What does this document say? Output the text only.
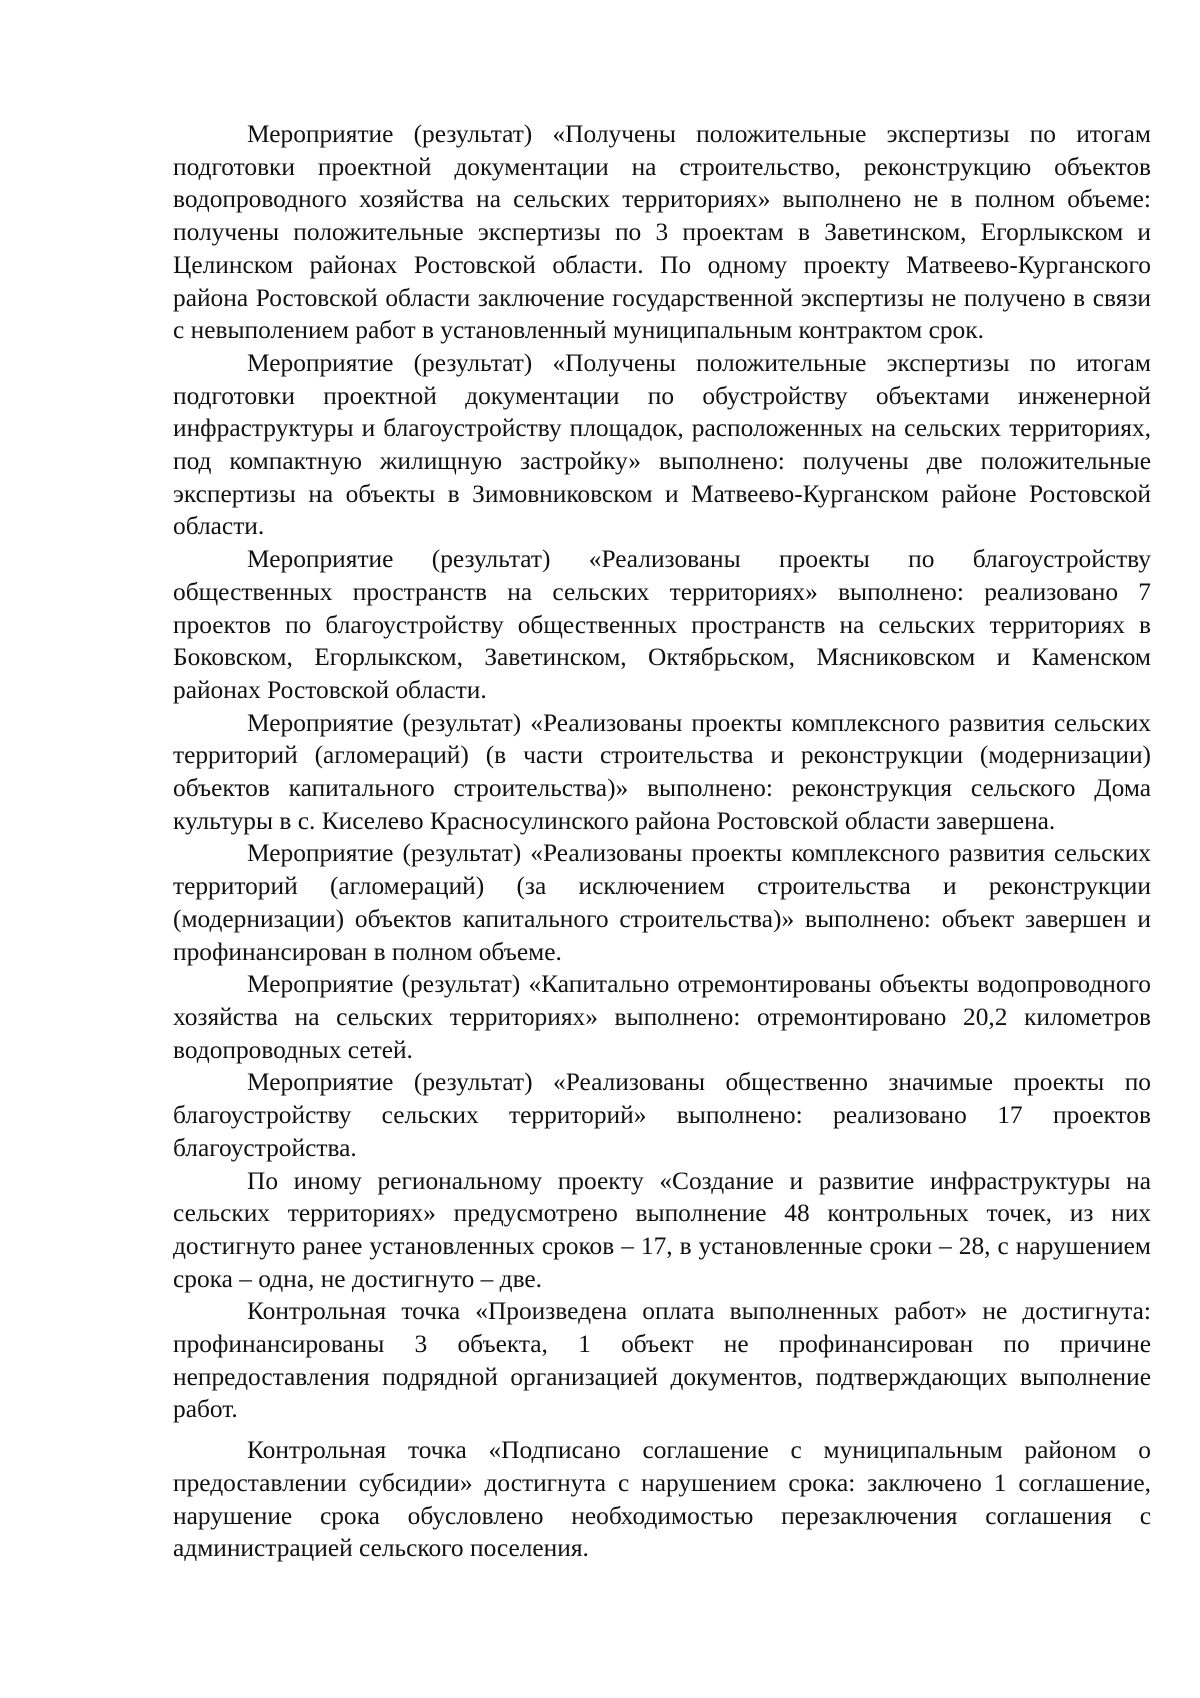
Мероприятие (результат) «Получены положительные экспертизы по итогам подготовки проектной документации на строительство, реконструкцию объектов водопроводного хозяйства на сельских территориях» выполнено не в полном объеме: получены положительные экспертизы по 3 проектам в Заветинском, Егорлыкском и Целинском районах Ростовской области. По одному проекту Матвеево-Курганского района Ростовской области заключение государственной экспертизы не получено в связи с невыполением работ в установленный муниципальным контрактом срок.

Мероприятие (результат) «Получены положительные экспертизы по итогам подготовки проектной документации по обустройству объектами инженерной инфраструктуры и благоустройству площадок, расположенных на сельских территориях, под компактную жилищную застройку» выполнено: получены две положительные экспертизы на объекты в Зимовниковском и Матвеево-Курганском районе Ростовской области.

Мероприятие (результат) «Реализованы проекты по благоустройству общественных пространств на сельских территориях» выполнено: реализовано 7 проектов по благоустройству общественных пространств на сельских территориях в Боковском, Егорлыкском, Заветинском, Октябрьском, Мясниковском и Каменском районах Ростовской области.

Мероприятие (результат) «Реализованы проекты комплексного развития сельских территорий (агломераций) (в части строительства и реконструкции (модернизации) объектов капитального строительства)» выполнено: реконструкция сельского Дома культуры в с. Киселево Красносулинского района Ростовской области завершена.

Мероприятие (результат) «Реализованы проекты комплексного развития сельских территорий (агломераций) (за исключением строительства и реконструкции (модернизации) объектов капитального строительства)» выполнено: объект завершен и профинансирован в полном объеме.

Мероприятие (результат) «Капитально отремонтированы объекты водопроводного хозяйства на сельских территориях» выполнено: отремонтировано 20,2 километров водопроводных сетей.

Мероприятие (результат) «Реализованы общественно значимые проекты по благоустройству сельских территорий» выполнено: реализовано 17 проектов благоустройства.

По иному региональному проекту «Создание и развитие инфраструктуры на сельских территориях» предусмотрено выполнение 48 контрольных точек, из них достигнуто ранее установленных сроков – 17, в установленные сроки – 28, с нарушением срока – одна, не достигнуто – две.

Контрольная точка «Произведена оплата выполненных работ» не достигнута: профинансированы 3 объекта, 1 объект не профинансирован по причине непредоставления подрядной организацией документов, подтверждающих выполнение работ.

Контрольная точка «Подписано соглашение с муниципальным районом о предоставлении субсидии» достигнута с нарушением срока: заключено 1 соглашение, нарушение срока обусловлено необходимостью перезаключения соглашения с администрацией сельского поселения.
